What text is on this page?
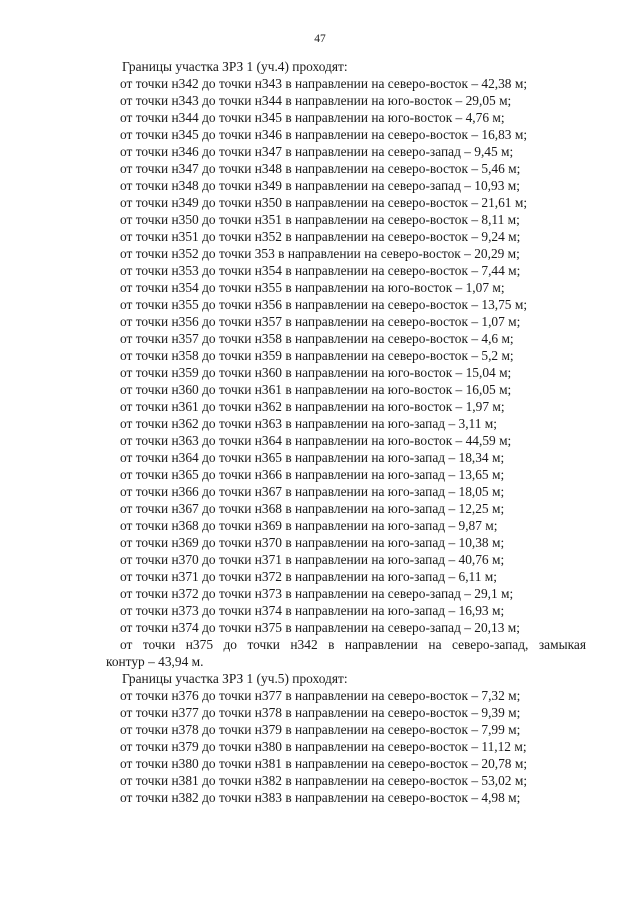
47
Границы участка ЗРЗ 1 (уч.4) проходят:
от точки н342 до точки н343 в направлении на северо-восток – 42,38 м;
от точки н343 до точки н344 в направлении на юго-восток – 29,05 м;
от точки н344 до точки н345 в направлении на юго-восток – 4,76 м;
от точки н345 до точки н346 в направлении на северо-восток – 16,83 м;
от точки н346 до точки н347 в направлении на северо-запад – 9,45 м;
от точки н347 до точки н348 в направлении на северо-восток – 5,46 м;
от точки н348 до точки н349 в направлении на северо-запад – 10,93 м;
от точки н349 до точки н350 в направлении на северо-восток – 21,61 м;
от точки н350 до точки н351 в направлении на северо-восток – 8,11 м;
от точки н351 до точки н352 в направлении на северо-восток – 9,24 м;
от точки н352 до точки 353 в направлении на северо-восток – 20,29 м;
от точки н353 до точки н354 в направлении на северо-восток – 7,44 м;
от точки н354 до точки н355 в направлении на юго-восток – 1,07 м;
от точки н355 до точки н356 в направлении на северо-восток – 13,75 м;
от точки н356 до точки н357 в направлении на северо-восток – 1,07 м;
от точки н357 до точки н358 в направлении на северо-восток – 4,6 м;
от точки н358 до точки н359 в направлении на северо-восток – 5,2 м;
от точки н359 до точки н360 в направлении на юго-восток – 15,04 м;
от точки н360 до точки н361 в направлении на юго-восток – 16,05 м;
от точки н361 до точки н362 в направлении на юго-восток – 1,97 м;
от точки н362 до точки н363 в направлении на юго-запад – 3,11 м;
от точки н363 до точки н364 в направлении на юго-восток – 44,59 м;
от точки н364 до точки н365 в направлении на юго-запад – 18,34 м;
от точки н365 до точки н366 в направлении на юго-запад – 13,65 м;
от точки н366 до точки н367 в направлении на юго-запад – 18,05 м;
от точки н367 до точки н368 в направлении на юго-запад – 12,25 м;
от точки н368 до точки н369 в направлении на юго-запад – 9,87 м;
от точки н369 до точки н370 в направлении на юго-запад – 10,38 м;
от точки н370 до точки н371 в направлении на юго-запад – 40,76 м;
от точки н371 до точки н372 в направлении на юго-запад – 6,11 м;
от точки н372 до точки н373 в направлении на северо-запад – 29,1 м;
от точки н373 до точки н374 в направлении на юго-запад – 16,93 м;
от точки н374 до точки н375 в направлении на северо-запад – 20,13 м;
от точки н375 до точки н342 в направлении на северо-запад, замыкая
контур – 43,94 м.
Границы участка ЗРЗ 1 (уч.5) проходят:
от точки н376 до точки н377 в направлении на северо-восток – 7,32 м;
от точки н377 до точки н378 в направлении на северо-восток – 9,39 м;
от точки н378 до точки н379 в направлении на северо-восток – 7,99 м;
от точки н379 до точки н380 в направлении на северо-восток – 11,12 м;
от точки н380 до точки н381 в направлении на северо-восток – 20,78 м;
от точки н381 до точки н382 в направлении на северо-восток – 53,02 м;
от точки н382 до точки н383 в направлении на северо-восток – 4,98 м;
